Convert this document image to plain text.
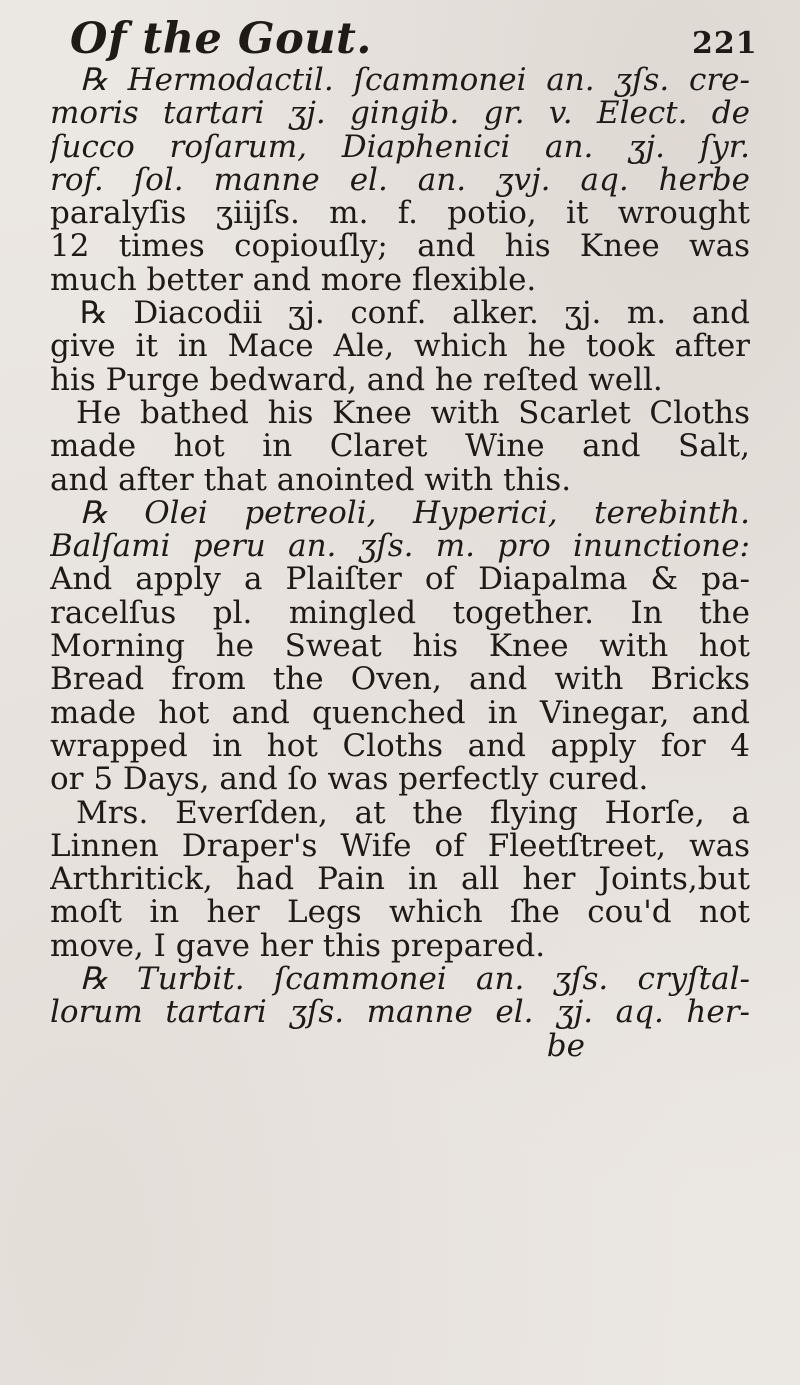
Of the Gout.	221
℞ Hermodactil. ſcammonei an. ʒſs. cre-
moris tartari ʒj. gingib. gr. v. Elect. de
ſucco roſarum, Diaphenici an. ʒj. ſyr.
rof. ſol. manne el. an. ʒvj. aq. herbe
paralyſis ʒiijſs. m. f. potio, it wrought
12 times copiouſly; and his Knee was
much better and more flexible.
℞ Diacodii ʒj. conf. alker. ʒj. m. and
give it in Mace Ale, which he took after
his Purge bedward, and he reſted well.
He bathed his Knee with Scarlet Cloths
made hot in Claret Wine and Salt,
and after that anointed with this.
℞ Olei petreoli, Hyperici, terebinth.
Balſami peru an. ʒſs. m. pro inunctione:
And apply a Plaiſter of Diapalma & pa-
racelſus pl. mingled together. In the
Morning he Sweat his Knee with hot
Bread from the Oven, and with Bricks
made hot and quenched in Vinegar, and
wrapped in hot Cloths and apply for 4
or 5 Days, and ſo was perfectly cured.
Mrs. Everſden, at the flying Horſe, a
Linnen Draper's Wife of Fleetſtreet, was
Arthritick, had Pain in all her Joints,but
moſt in her Legs which ſhe cou'd not
move, I gave her this prepared.
℞ Turbit. ſcammonei an. ʒſs. cryſtal-
lorum tartari ʒſs. manne el. ʒj. aq. her-
be
